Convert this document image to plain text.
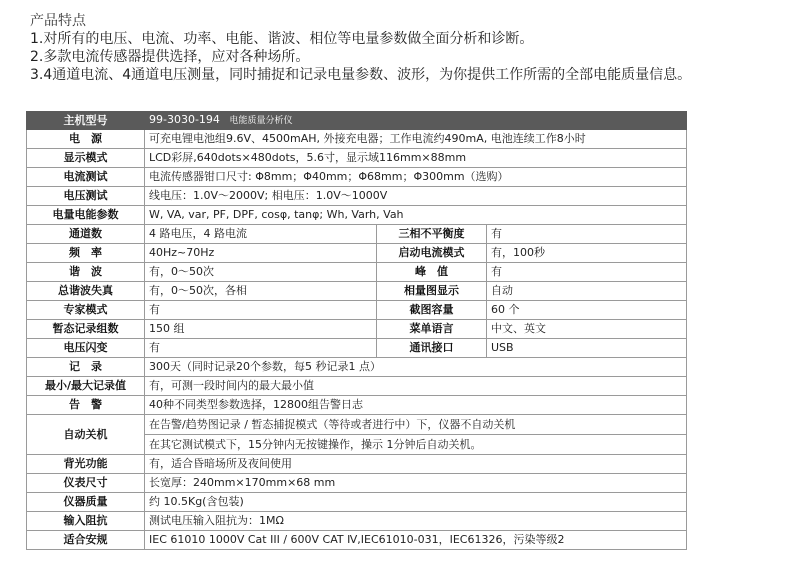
产品特点
1.对所有的电压、电流、功率、电能、谐波、相位等电量参数做全面分析和诊断。
2.多款电流传感器提供选择，应对各种场所。
3.4通道电流、4通道电压测量，同时捕捉和记录电量参数、波形，为你提供工作所需的全部电能质量信息。
主机型号	99-3030-194 电能质量分析仪		
电　源	可充电锂电池组9.6V、4500mAH, 外接充电器；工作电流约490mA, 电池连续工作8小时		
显示模式	LCD彩屏,640dots×480dots，5.6寸，显示域116mm×88mm		
电流测试	电流传感器钳口尺寸: Φ8mm；Φ40mm；Φ68mm；Φ300mm（选购）		
电压测试	线电压：1.0V～2000V; 相电压：1.0V～1000V		
电量电能参数	W, VA, var, PF, DPF, cosφ, tanφ; Wh, Varh, Vah		
通道数	4 路电压，4 路电流	三相不平衡度	有
频　率	40Hz~70Hz	启动电流模式	有，100秒
谐　波	有，0～50次	峰　值	有
总谐波失真	有，0～50次，各相	相量图显示	自动
专家模式	有	截图容量	60 个
暂态记录组数	150 组	菜单语言	中文、英文
电压闪变	有	通讯接口	USB
记　录	300天（同时记录20个参数，每5 秒记录1 点）		
最小/最大记录值	有，可测一段时间内的最大最小值		
告　警	40种不同类型参数选择，12800组告警日志		
自动关机	在告警/趋势图记录 / 暂态捕捉模式（等待或者进行中）下，仪器不自动关机		
	在其它测试模式下，15分钟内无按键操作，操示 1分钟后自动关机。		
背光功能	有，适合昏暗场所及夜间使用		
仪表尺寸	长宽厚：240mm×170mm×68 mm		
仪器质量	约 10.5Kg(含包装)		
输入阻抗	测试电压输入阻抗为：1MΩ		
适合安规	IEC 61010 1000V Cat III / 600V CAT Ⅳ,IEC61010-031，IEC61326，污染等级2		
